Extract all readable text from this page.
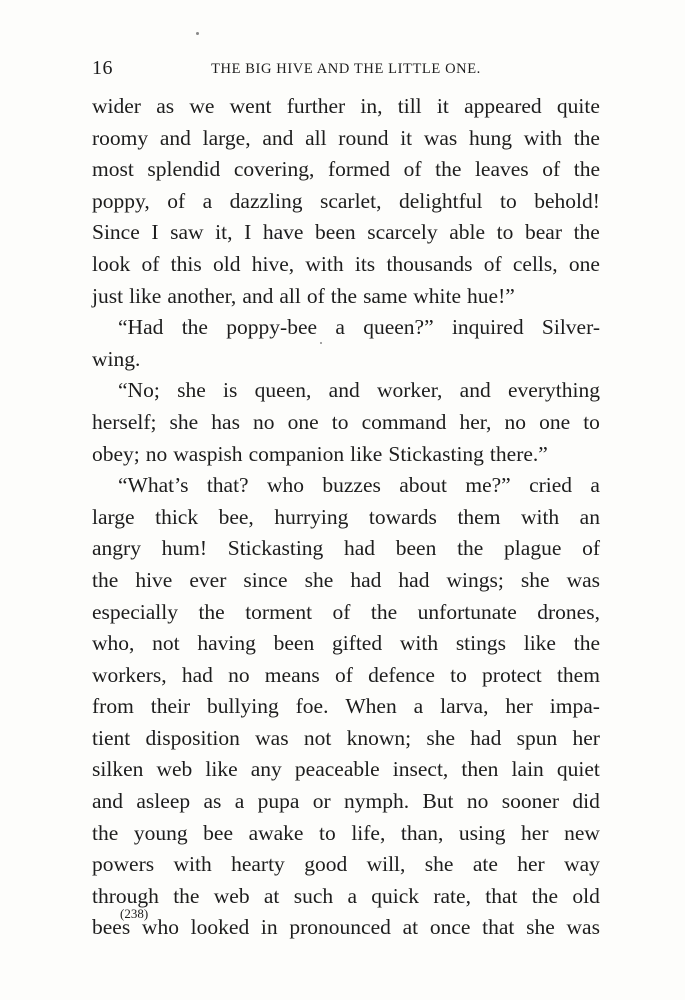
16	THE BIG HIVE AND THE LITTLE ONE.
wider as we went further in, till it appeared quite
roomy and large, and all round it was hung with the
most splendid covering, formed of the leaves of the
poppy, of a dazzling scarlet, delightful to behold!
Since I saw it, I have been scarcely able to bear the
look of this old hive, with its thousands of cells, one
just like another, and all of the same white hue!”
“Had the poppy-bee a queen?” inquired Silver-
wing.
“No; she is queen, and worker, and everything
herself; she has no one to command her, no one to
obey; no waspish companion like Stickasting there.”
“What’s that? who buzzes about me?” cried a
large thick bee, hurrying towards them with an
angry hum! Stickasting had been the plague of
the hive ever since she had had wings; she was
especially the torment of the unfortunate drones,
who, not having been gifted with stings like the
workers, had no means of defence to protect them
from their bullying foe. When a larva, her impa-
tient disposition was not known; she had spun her
silken web like any peaceable insect, then lain quiet
and asleep as a pupa or nymph. But no sooner did
the young bee awake to life, than, using her new
powers with hearty good will, she ate her way
through the web at such a quick rate, that the old
bees who looked in pronounced at once that she was
(238)
